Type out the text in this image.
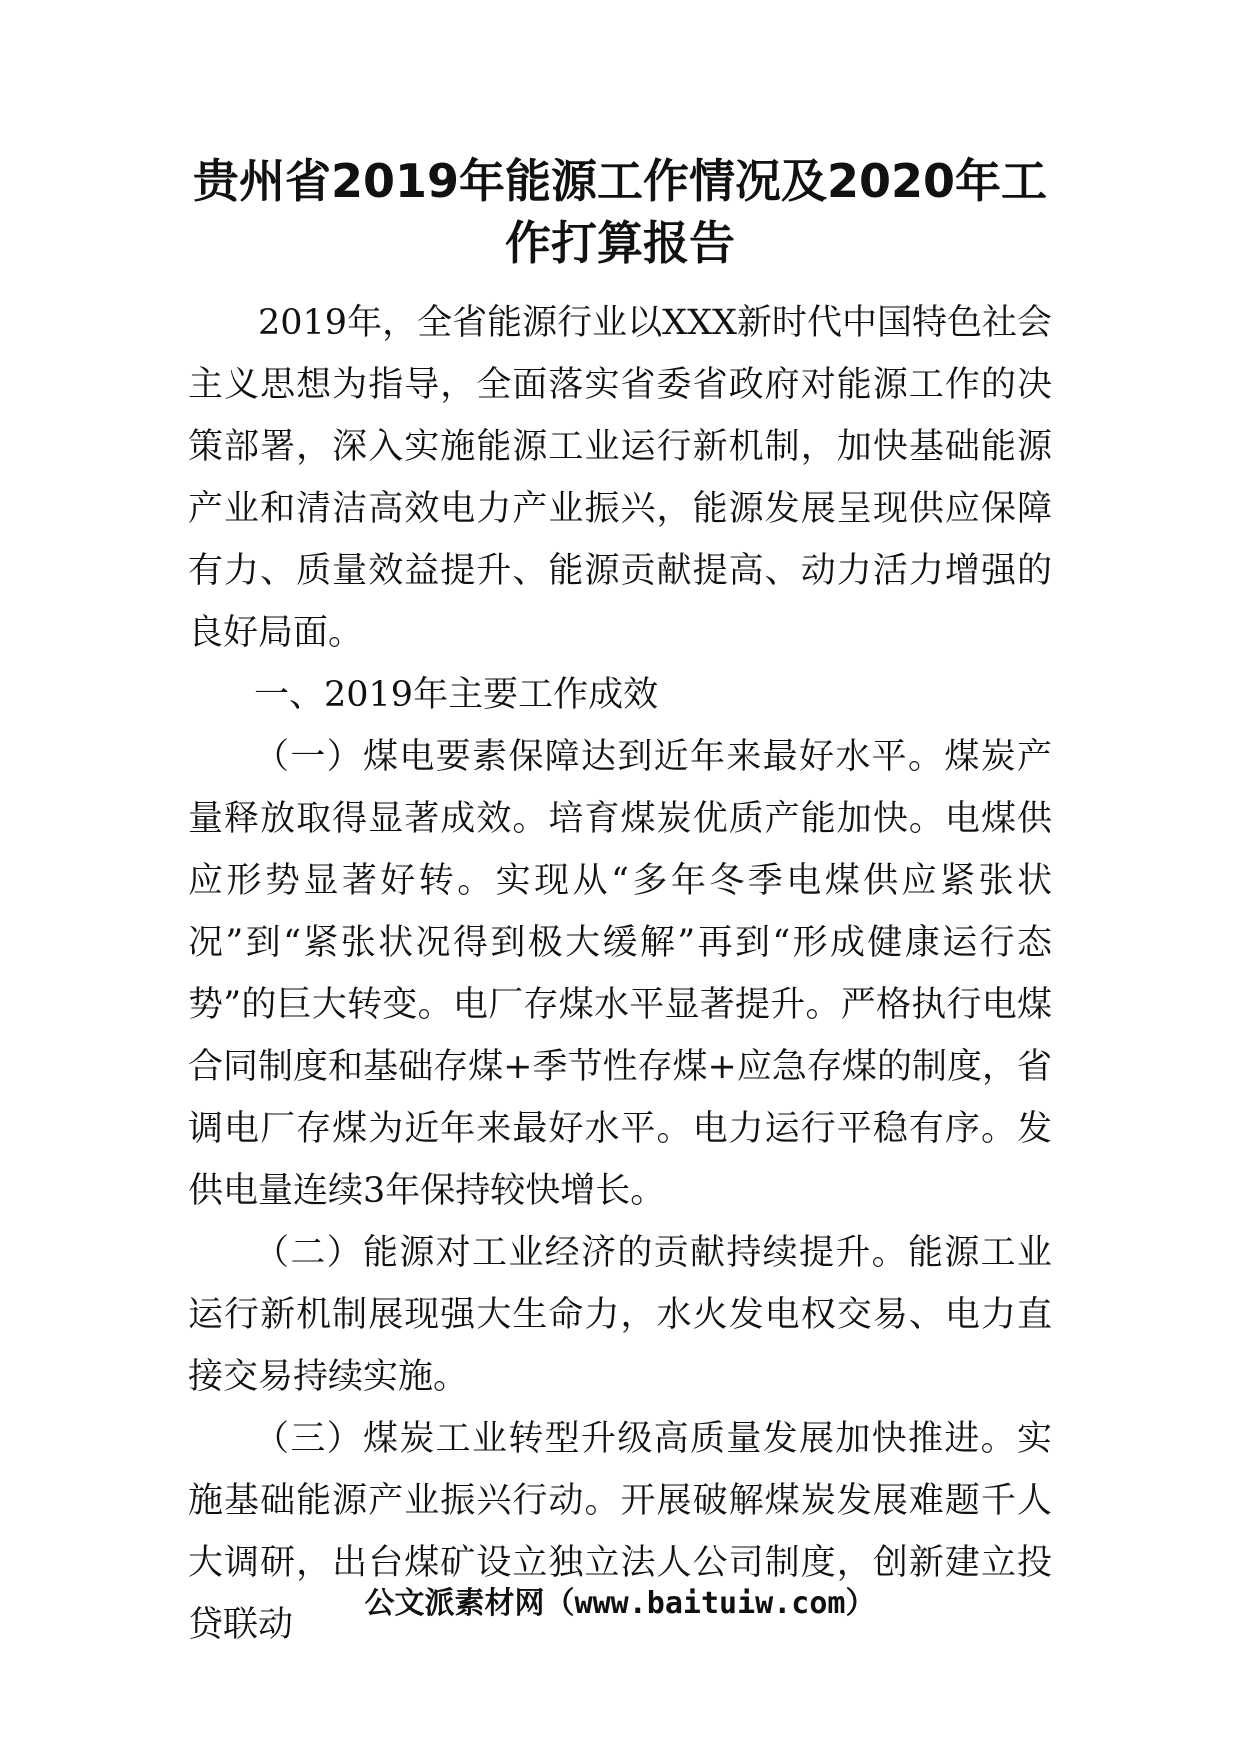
贵州省2019年能源工作情况及2020年工作打算报告

2019年，全省能源行业以XXX新时代中国特色社会主义思想为指导，全面落实省委省政府对能源工作的决策部署，深入实施能源工业运行新机制，加快基础能源产业和清洁高效电力产业振兴，能源发展呈现供应保障有力、质量效益提升、能源贡献提高、动力活力增强的良好局面。

一、2019年主要工作成效

（一）煤电要素保障达到近年来最好水平。煤炭产量释放取得显著成效。培育煤炭优质产能加快。电煤供应形势显著好转。实现从“多年冬季电煤供应紧张状况”到“紧张状况得到极大缓解”再到“形成健康运行态势”的巨大转变。电厂存煤水平显著提升。严格执行电煤合同制度和基础存煤+季节性存煤+应急存煤的制度，省调电厂存煤为近年来最好水平。电力运行平稳有序。发供电量连续3年保持较快增长。

（二）能源对工业经济的贡献持续提升。能源工业运行新机制展现强大生命力，水火发电权交易、电力直接交易持续实施。

（三）煤炭工业转型升级高质量发展加快推进。实施基础能源产业振兴行动。开展破解煤炭发展难题千人大调研，出台煤矿设立独立法人公司制度，创新建立投贷联动

公文派素材网（www.baituiw.com）
